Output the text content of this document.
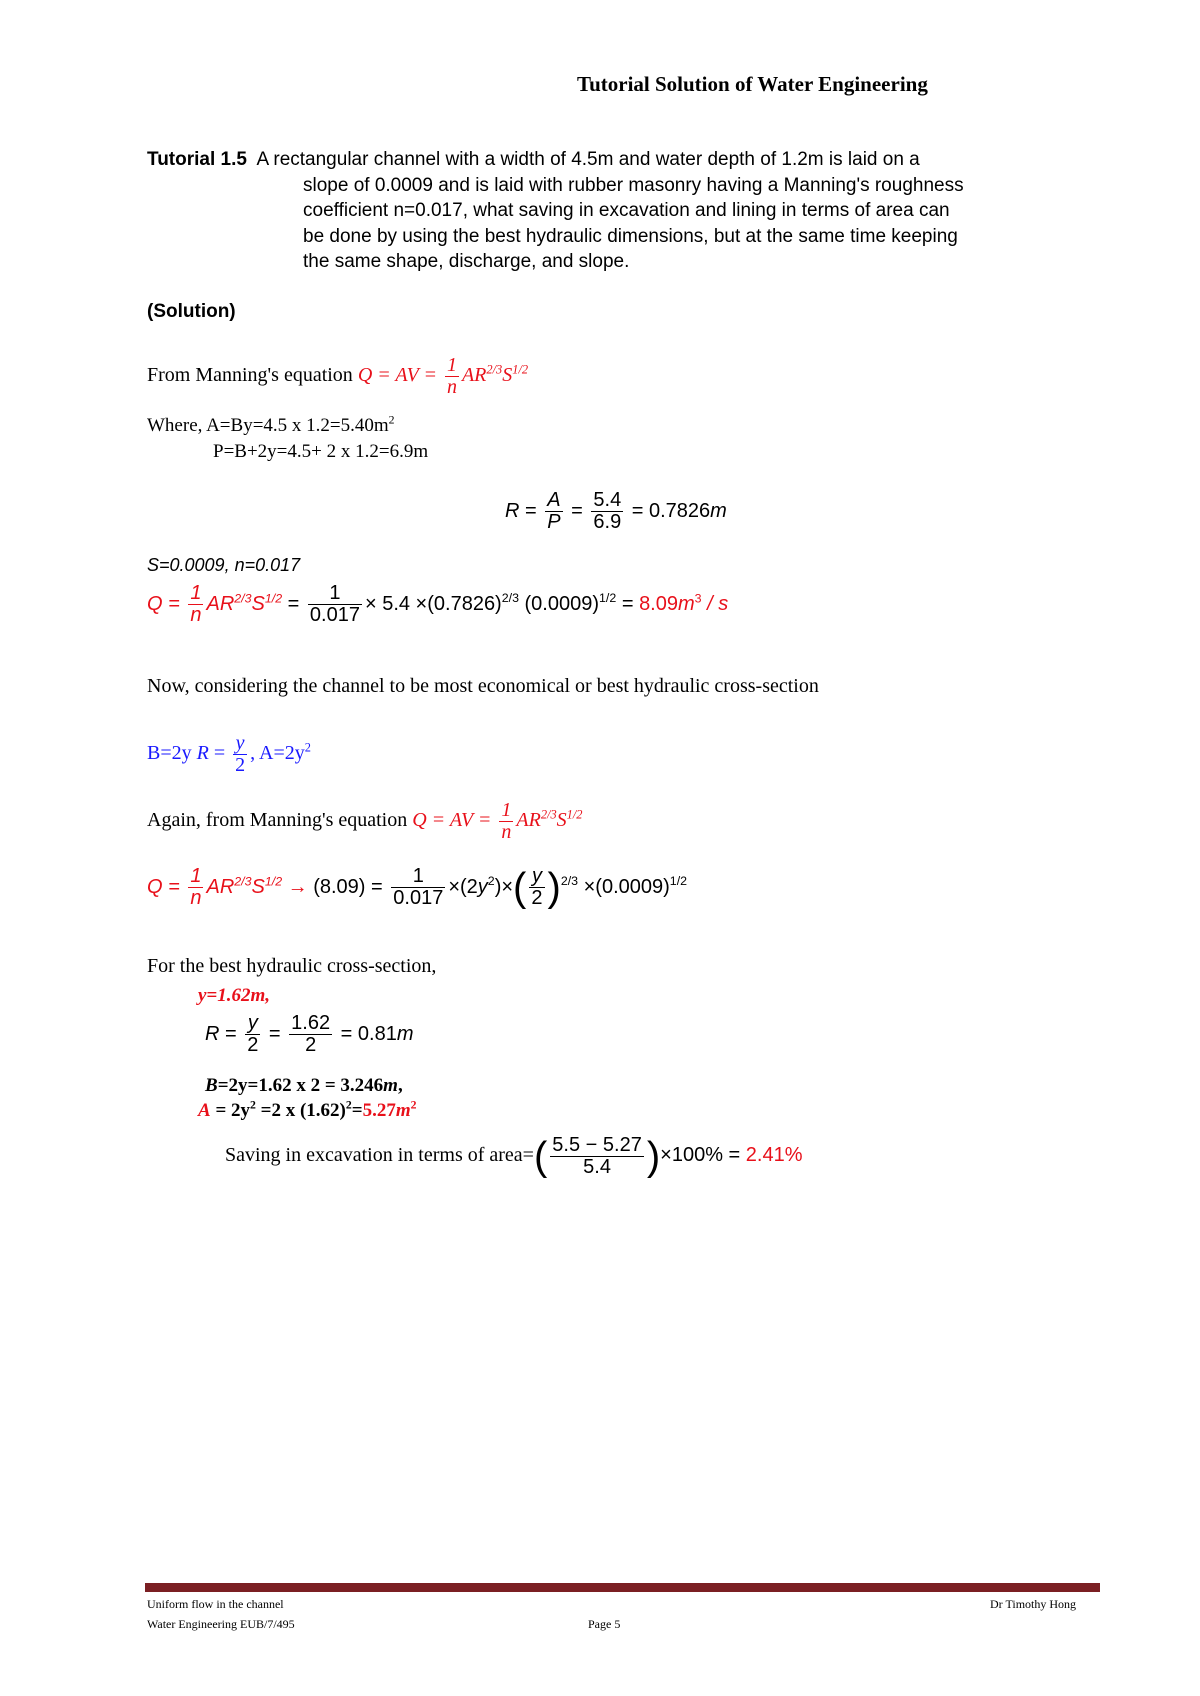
Tutorial Solution of Water Engineering
Tutorial 1.5 A rectangular channel with a width of 4.5m and water depth of 1.2m is laid on a
slope of 0.0009 and is laid with rubber masonry having a Manning's roughness
coefficient n=0.017, what saving in excavation and lining in terms of area can
be done by using the best hydraulic dimensions, but at the same time keeping
the same shape, discharge, and slope.
(Solution)
From Manning's equation Q = AV = $\frac{1}{n} AR^{2/3}S^{1/2}$
Where, A=By=4.5 x $1.2=5.40m^2$
P=B+2y=4.5+ 2 x 1.2=6.9m
$R = \frac{A}{P} = \frac{5.4}{6.9} = 0.7826m$
S=0.0009, n=0.017
$Q = \frac{1}{n} AR^{2/3}S^{1/2} = \frac{1}{0.017} \times 5.4 \times(0.7826)^{2/3}$ $(0.0009)^{1/2} = 8.09m^3 / s$
Now, considering the channel to be most economical or best hydraulic cross-section
B=2y $R = \frac{y}{2}$ , $A=2y^2$
Again, from Manning's equation Q = AV = $\frac{1}{n} AR^{2/3}S^{1/2}$
$Q = \frac{1}{n} AR^{2/3}S^{1/2} \to (8.09) = \frac{1}{0.017} \times(2y^2)\times( \frac{y}{2} )^{2/3} \times(0.0009)^{1/2}$
For the best hydraulic cross-section,
y=1.62m,
$R = \frac{y}{2} = \frac{1.62}{2} = 0.81m$
B=2y=1.62 x 2 = 3.246m,
$A = 2y^2 =2$ x $(1.62)^2=5.27m^2$
Saving in excavation in terms of area=( $\frac{5.5 - 5.27}{5.4} )\times 100\% = 2.41\%$
Uniform flow in the channel
Water Engineering EUB/7/495	Page 5
Dr Timothy Hong
